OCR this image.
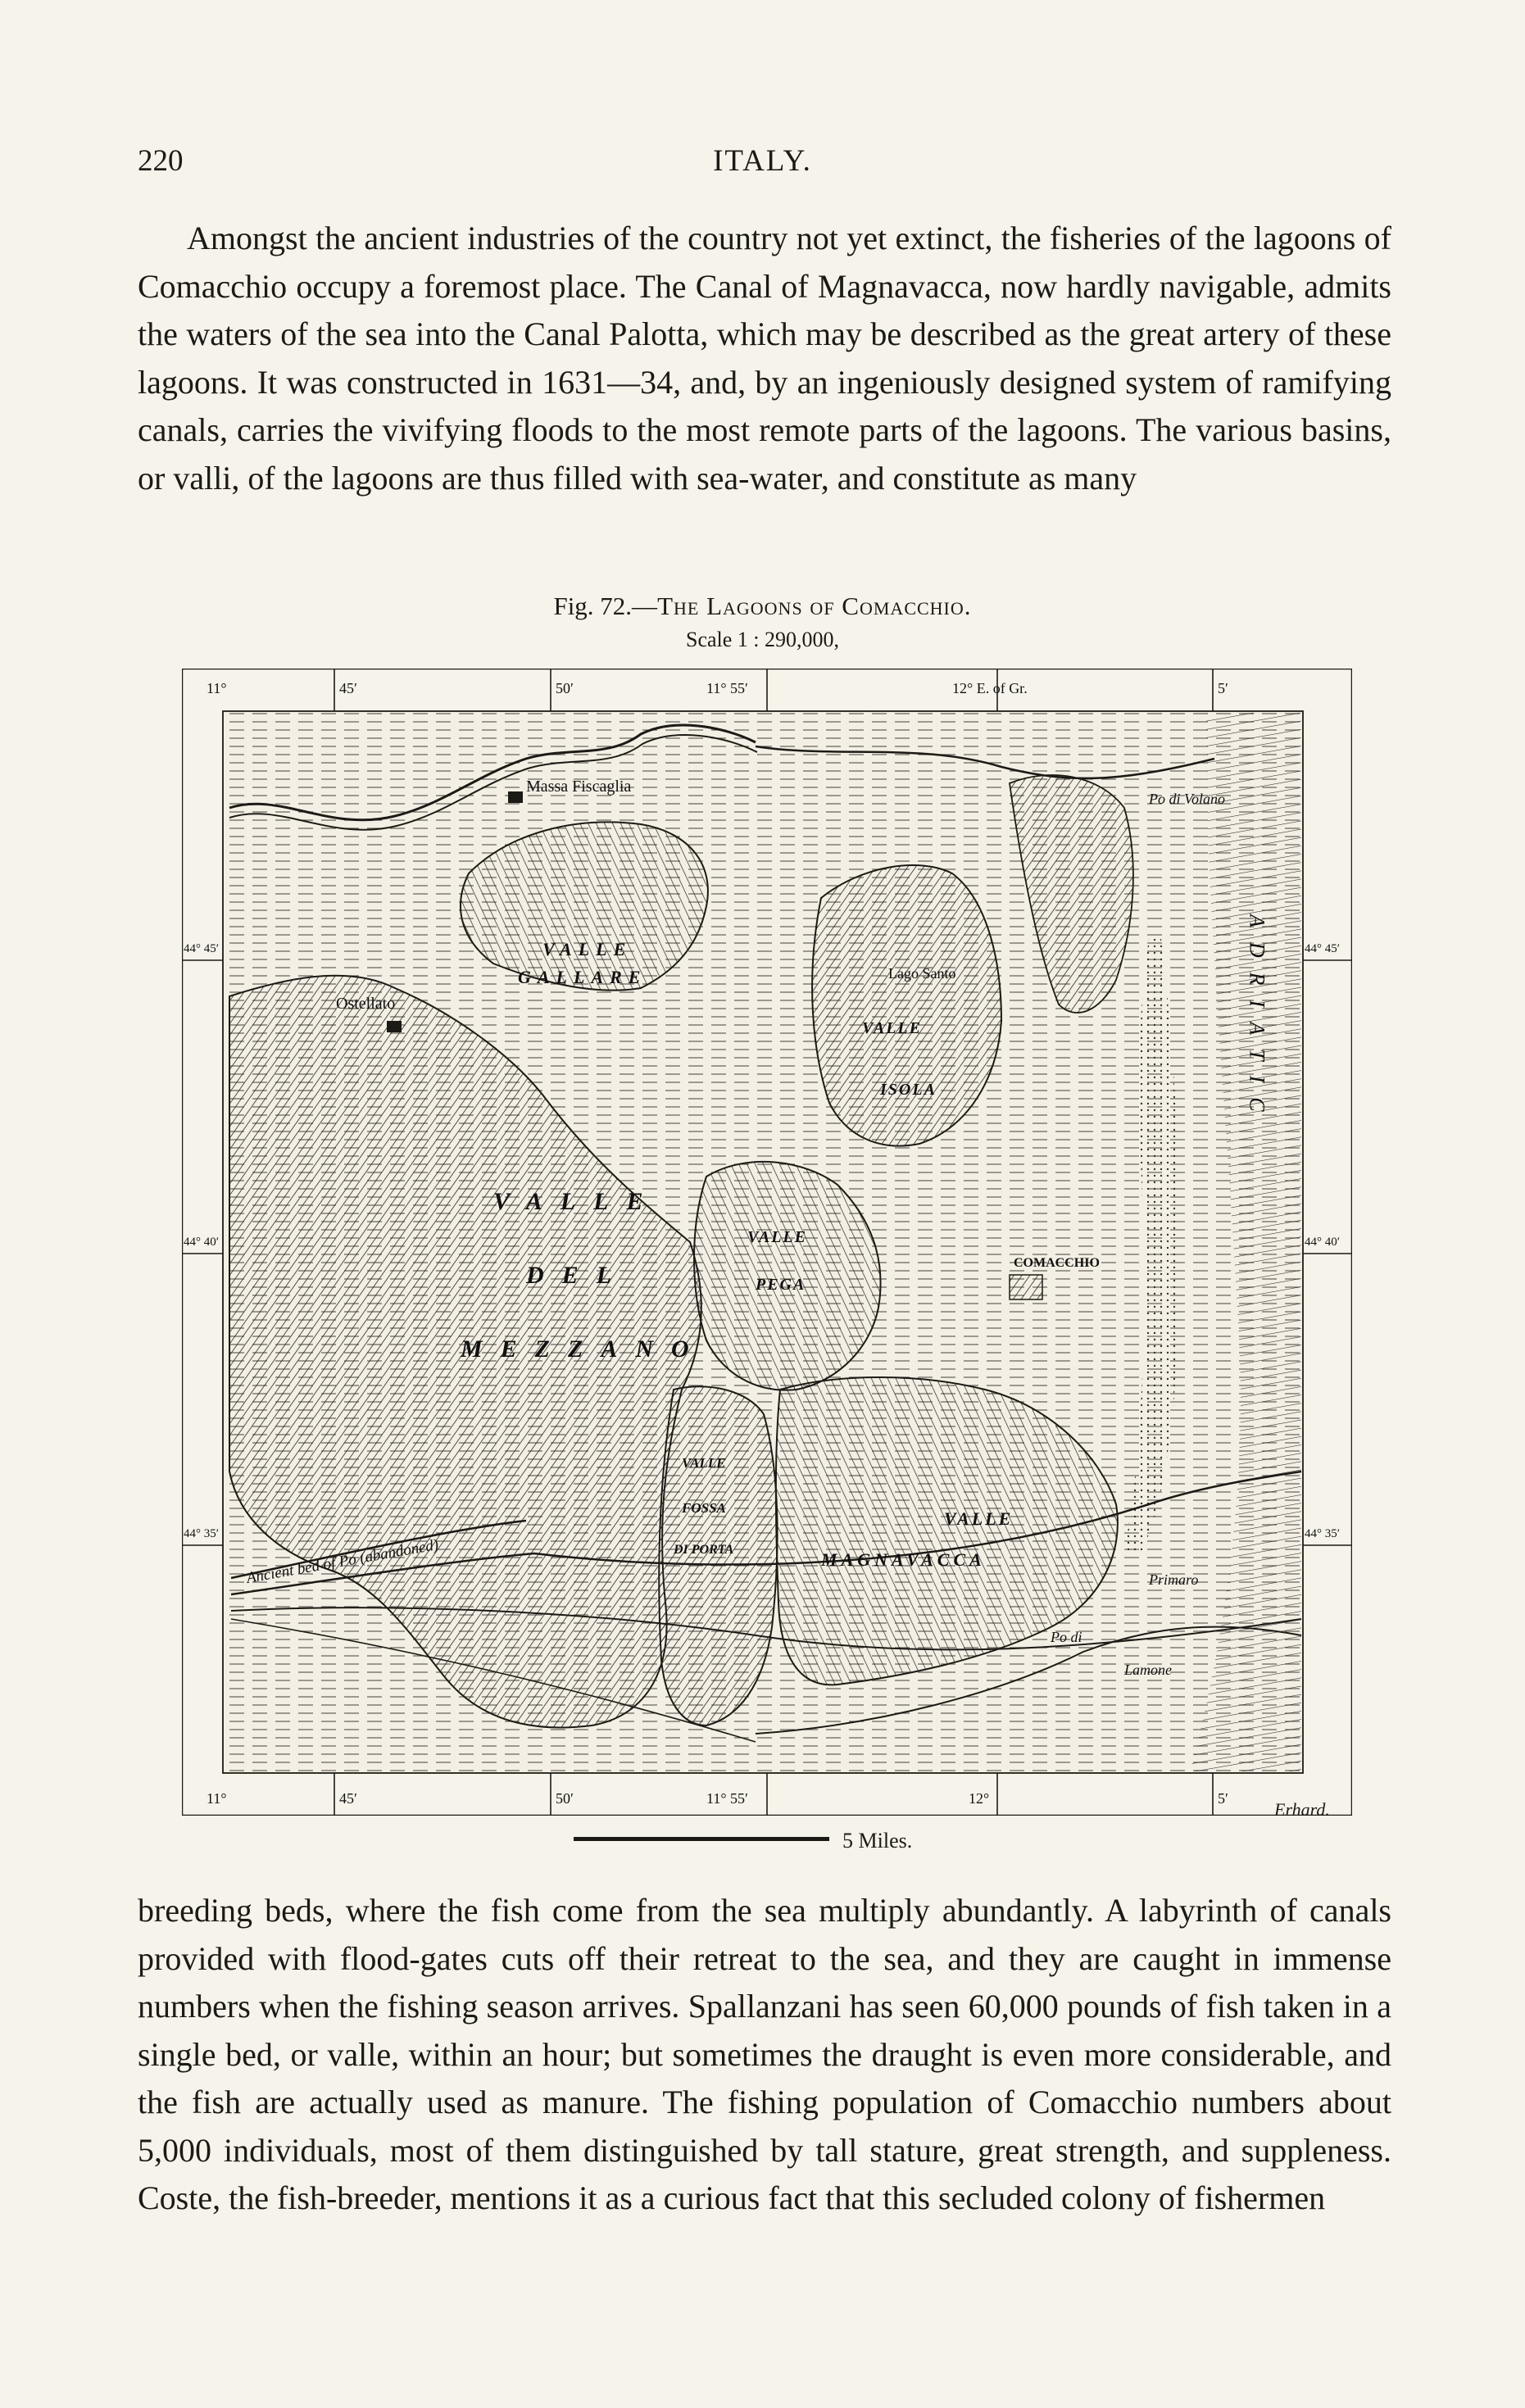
220	ITALY.

Amongst the ancient industries of the country not yet extinct, the fisheries of the lagoons of Comacchio occupy a foremost place. The Canal of Magnavacca, now hardly navigable, admits the waters of the sea into the Canal Palotta, which may be described as the great artery of these lagoons. It was constructed in 1631—34, and, by an ingeniously designed system of ramifying canals, carries the vivifying floods to the most remote parts of the lagoons. The various basins, or valli, of the lagoons are thus filled with sea-water, and constitute as many

Fig. 72.—The Lagoons of Comacchio.
Scale 1 : 290,000,
11°	45′	50′	11° 55′	12° E. of Gr.	5′
11°	45′	50′	11° 55′	12°	5′
44° 45′
44° 40′
44° 35′
44° 45′
44° 40′
44° 35′
Massa Fiscaglia
Ostellato
Lago Santo
COMACCHIO
Po di Volano
Primaro
Po di
Lamone
Ancient bed of Po (abandoned)
ADRIATIC
VALLE
GALLARE
VALLE
ISOLA
VALLE
DEL
MEZZANO
VALLE
PEGA
VALLE
FOSSA
DI PORTA
VALLE
MAGNAVACCA
Erhard.
5 Miles.

breeding beds, where the fish come from the sea multiply abundantly. A labyrinth of canals provided with flood-gates cuts off their retreat to the sea, and they are caught in immense numbers when the fishing season arrives. Spallanzani has seen 60,000 pounds of fish taken in a single bed, or valle, within an hour; but sometimes the draught is even more considerable, and the fish are actually used as manure. The fishing population of Comacchio numbers about 5,000 individuals, most of them distinguished by tall stature, great strength, and suppleness. Coste, the fish-breeder, mentions it as a curious fact that this secluded colony of fishermen
